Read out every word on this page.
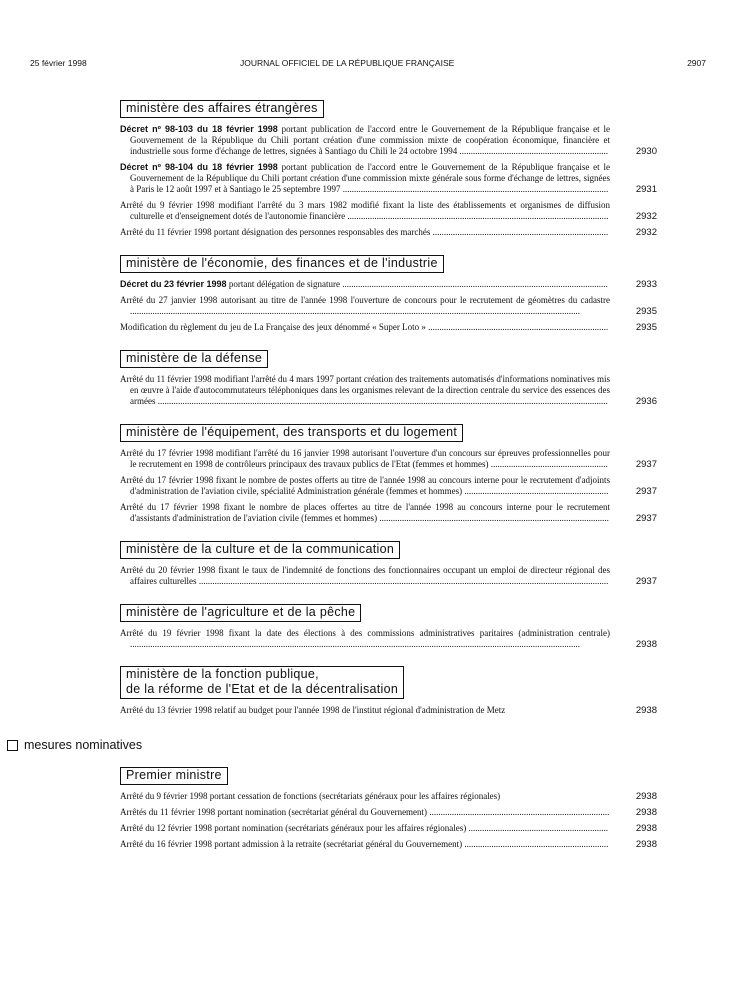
25 février 1998	JOURNAL OFFICIEL DE LA RÉPUBLIQUE FRANÇAISE	2907
ministère des affaires étrangères
Décret nº 98-103 du 18 février 1998 portant publication de l'accord entre le Gouvernement de la République française et le Gouvernement de la République du Chili portant création d'une commission mixte de coopération économique, financière et industrielle sous forme d'échange de lettres, signées à Santiago du Chili le 24 octobre 1994 ..................................................................	2930
Décret nº 98-104 du 18 février 1998 portant publication de l'accord entre le Gouvernement de la République française et le Gouvernement de la République du Chili portant création d'une commission mixte générale sous forme d'échange de lettres, signées à Paris le 12 août 1997 et à Santiago le 25 septembre 1997 ......................................................................................................................	2931
Arrêté du 9 février 1998 modifiant l'arrêté du 3 mars 1982 modifié fixant la liste des établissements et organismes de diffusion culturelle et d'enseignement dotés de l'autonomie financière ....................................................................................................................	2932
Arrêté du 11 février 1998 portant désignation des personnes responsables des marchés ..............................................................................	2932
ministère de l'économie, des finances et de l'industrie
Décret du 23 février 1998 portant délégation de signature ......................................................................................................................	2933
Arrêté du 27 janvier 1998 autorisant au titre de l'année 1998 l'ouverture de concours pour le recrutement de géomètres du cadastre ........................................................................................................................................................................................................	2935
Modification du règlement du jeu de La Française des jeux dénommé « Super Loto » ................................................................................	2935
ministère de la défense
Arrêté du 11 février 1998 modifiant l'arrêté du 4 mars 1997 portant création des traitements automatisés d'informations nominatives mis en œuvre à l'aide d'autocommutateurs téléphoniques dans les organismes relevant de la direction centrale du service des essences des armées ........................................................................................................................................................................................................	2936
ministère de l'équipement, des transports et du logement
Arrêté du 17 février 1998 modifiant l'arrêté du 16 janvier 1998 autorisant l'ouverture d'un concours sur épreuves professionnelles pour le recrutement en 1998 de contrôleurs principaux des travaux publics de l'Etat (femmes et hommes) ....................................................	2937
Arrêté du 17 février 1998 fixant le nombre de postes offerts au titre de l'année 1998 au concours interne pour le recrutement d'adjoints d'administration de l'aviation civile, spécialité Administration générale (femmes et hommes) ................................................................	2937
Arrêté du 17 février 1998 fixant le nombre de places offertes au titre de l'année 1998 au concours interne pour le recrutement d'assistants d'administration de l'aviation civile (femmes et hommes) ......................................................................................................	2937
ministère de la culture et de la communication
Arrêté du 20 février 1998 fixant le taux de l'indemnité de fonctions des fonctionnaires occupant un emploi de directeur régional des affaires culturelles ......................................................................................................................................................................................	2937
ministère de l'agriculture et de la pêche
Arrêté du 19 février 1998 fixant la date des élections à des commissions administratives paritaires (administration centrale) ........................................................................................................................................................................................................	2938
ministère de la fonction publique,
de la réforme de l'Etat et de la décentralisation
Arrêté du 13 février 1998 relatif au budget pour l'année 1998 de l'institut régional d'administration de Metz	2938
mesures nominatives
Premier ministre
Arrêté du 9 février 1998 portant cessation de fonctions (secrétariats généraux pour les affaires régionales)	2938
Arrêtés du 11 février 1998 portant nomination (secrétariat général du Gouvernement) ................................................................................	2938
Arrêté du 12 février 1998 portant nomination (secrétariats généraux pour les affaires régionales) ..............................................................	2938
Arrêté du 16 février 1998 portant admission à la retraite (secrétariat général du Gouvernement) ................................................................	2938
